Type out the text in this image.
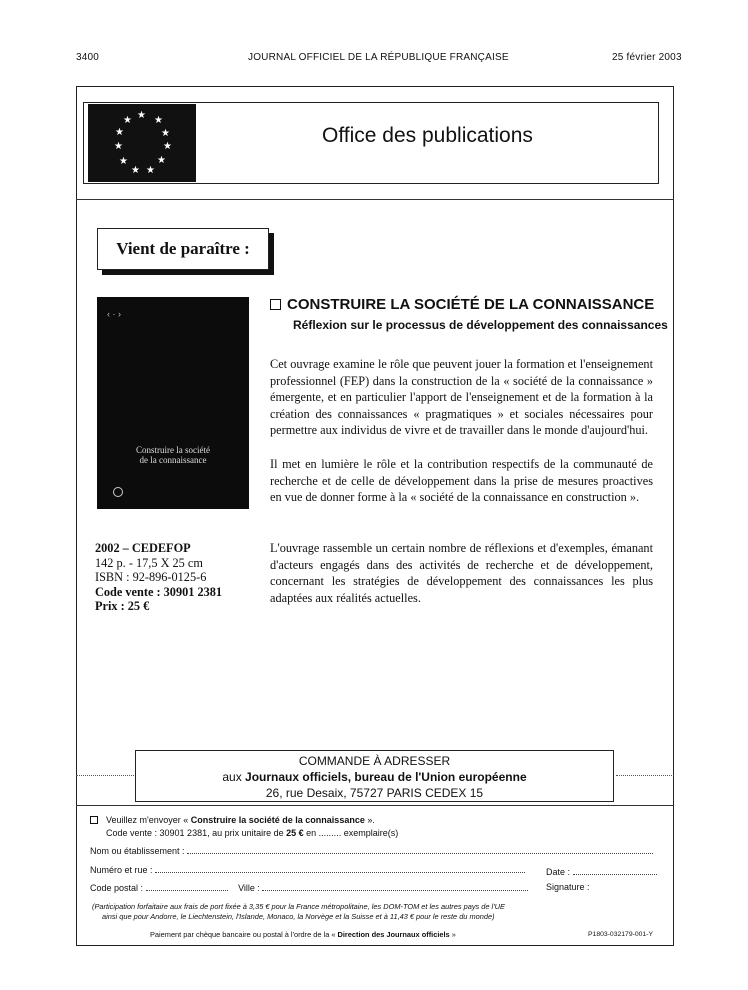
3400	JOURNAL OFFICIEL DE LA RÉPUBLIQUE FRANÇAISE	25 février 2003
★ ★
★
★
★
★
★
★
★
★
★
Office des publications
Vient de paraître :
‹ · ›
Construire la société
de la connaissance
CONSTRUIRE LA SOCIÉTÉ DE LA CONNAISSANCE
Réflexion sur le processus de développement des connaissances
Cet ouvrage examine le rôle que peuvent jouer la formation et l'enseignement professionnel (FEP) dans la construction de la « société de la connaissance » émergente, et en particulier l'apport de l'enseignement et de la formation à la création des connaissances « pragmatiques » et sociales nécessaires pour permettre aux individus de vivre et de travailler dans le monde d'aujourd'hui.
Il met en lumière le rôle et la contribution respectifs de la communauté de recherche et de celle de développement dans la prise de mesures proactives en vue de donner forme à la « société de la connaissance en construction ».
L'ouvrage rassemble un certain nombre de réflexions et d'exemples, émanant d'acteurs engagés dans des activités de recherche et de développement, concernant les stratégies de développement des connaissances les plus adaptées aux réalités actuelles.
2002 – CEDEFOP
142 p. - 17,5 X 25 cm
ISBN : 92-896-0125-6
Code vente : 30901 2381
Prix : 25 €
COMMANDE À ADRESSER
aux Journaux officiels, bureau de l'Union européenne
26, rue Desaix, 75727 PARIS CEDEX 15
Veuillez m'envoyer « Construire la société de la connaissance ».
Code vente : 30901 2381, au prix unitaire de 25 € en ......... exemplaire(s)
Nom ou établissement :
Numéro et rue :	Date :
Code postal :	Ville :	Signature :
(Participation forfaitaire aux frais de port fixée à 3,35 € pour la France métropolitaine, les DOM-TOM et les autres pays de l'UE
ainsi que pour Andorre, le Liechtenstein, l'Islande, Monaco, la Norvège et la Suisse et à 11,43 € pour le reste du monde)
Paiement par chèque bancaire ou postal à l'ordre de la « Direction des Journaux officiels »	P1803-032179-001-Y
